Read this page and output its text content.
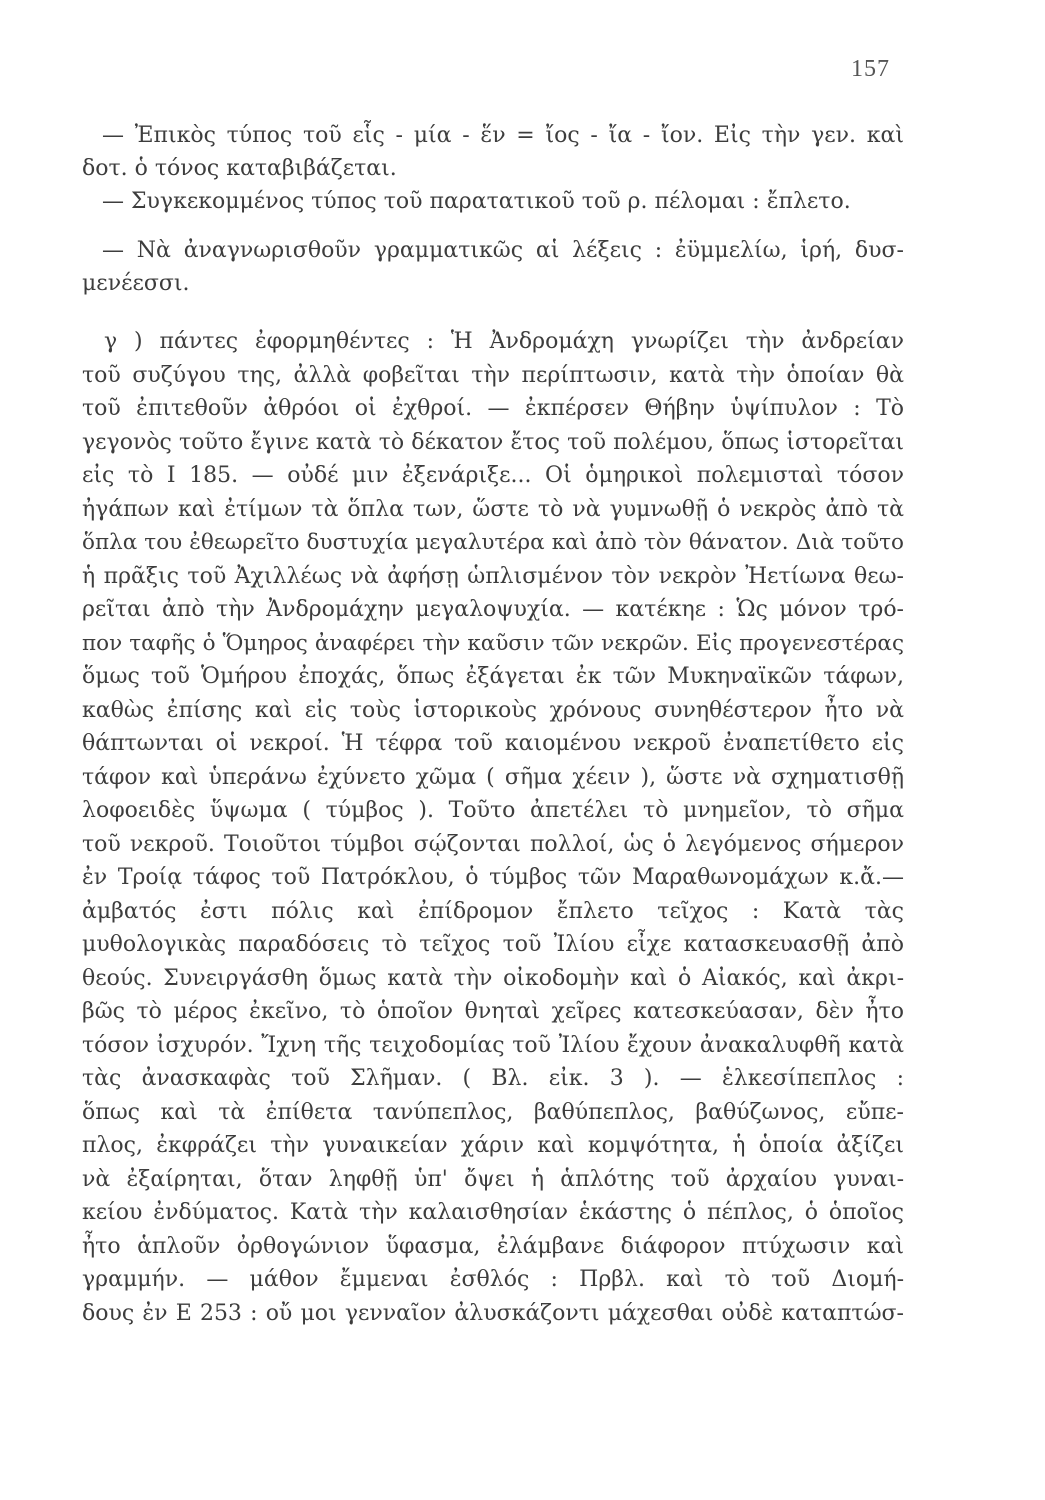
157
— Ἐπικὸς τύπος τοῦ εἷς - μία - ἕν = ἴος - ἴα - ἴον. Εἰς τὴν γεν. καὶ
δοτ. ὁ τόνος καταβιβάζεται.
— Συγκεκομμένος τύπος τοῦ παρατατικοῦ τοῦ ρ. πέλομαι : ἔπλετο.
— Νὰ ἀναγνωρισθοῦν γραμματικῶς αἱ λέξεις : ἐϋμμελίω, ἱρή, δυσ-
μενέεσσι.
γ ) πάντες ἐφορμηθέντες : Ἡ Ἀνδρομάχη γνωρίζει τὴν ἀνδρείαν
τοῦ συζύγου της, ἀλλὰ φοβεῖται τὴν περίπτωσιν, κατὰ τὴν ὁποίαν θὰ
τοῦ ἐπιτεθοῦν ἀθρόοι οἱ ἐχθροί. — ἐκπέρσεν Θήβην ὑψίπυλον : Τὸ
γεγονὸς τοῦτο ἔγινε κατὰ τὸ δέκατον ἔτος τοῦ πολέμου, ὅπως ἱστορεῖται
εἰς τὸ Ι 185. — οὐδέ μιν ἐξενάριξε... Οἱ ὁμηρικοὶ πολεμισταὶ τόσον
ἠγάπων καὶ ἐτίμων τὰ ὅπλα των, ὥστε τὸ νὰ γυμνωθῇ ὁ νεκρὸς ἀπὸ τὰ
ὅπλα του ἐθεωρεῖτο δυστυχία μεγαλυτέρα καὶ ἀπὸ τὸν θάνατον. Διὰ τοῦτο
ἡ πρᾶξις τοῦ Ἀχιλλέως νὰ ἀφήσῃ ὡπλισμένον τὸν νεκρὸν Ἠετίωνα θεω-
ρεῖται ἀπὸ τὴν Ἀνδρομάχην μεγαλοψυχία. — κατέκηε : Ὡς μόνον τρό-
πον ταφῆς ὁ Ὅμηρος ἀναφέρει τὴν καῦσιν τῶν νεκρῶν. Εἰς προγενεστέρας
ὅμως τοῦ Ὁμήρου ἐποχάς, ὅπως ἐξάγεται ἐκ τῶν Μυκηναϊκῶν τάφων,
καθὼς ἐπίσης καὶ εἰς τοὺς ἱστορικοὺς χρόνους συνηθέστερον ἦτο νὰ
θάπτωνται οἱ νεκροί. Ἡ τέφρα τοῦ καιομένου νεκροῦ ἐναπετίθετο εἰς
τάφον καὶ ὑπεράνω ἐχύνετο χῶμα ( σῆμα χέειν ), ὥστε νὰ σχηματισθῇ
λοφοειδὲς ὕψωμα ( τύμβος ). Τοῦτο ἀπετέλει τὸ μνημεῖον, τὸ σῆμα
τοῦ νεκροῦ. Τοιοῦτοι τύμβοι σῴζονται πολλοί, ὡς ὁ λεγόμενος σήμερον
ἐν Τροίᾳ τάφος τοῦ Πατρόκλου, ὁ τύμβος τῶν Μαραθωνομάχων κ.ἄ.—
ἀμβατός ἐστι πόλις καὶ ἐπίδρομον ἔπλετο τεῖχος : Κατὰ τὰς
μυθολογικὰς παραδόσεις τὸ τεῖχος τοῦ Ἰλίου εἶχε κατασκευασθῇ ἀπὸ
θεούς. Συνειργάσθη ὅμως κατὰ τὴν οἰκοδομὴν καὶ ὁ Αἰακός, καὶ ἀκρι-
βῶς τὸ μέρος ἐκεῖνο, τὸ ὁποῖον θνηταὶ χεῖρες κατεσκεύασαν, δὲν ἦτο
τόσον ἰσχυρόν. Ἴχνη τῆς τειχοδομίας τοῦ Ἰλίου ἔχουν ἀνακαλυφθῆ κατὰ
τὰς ἀνασκαφὰς τοῦ Σλῆμαν. ( Βλ. εἰκ. 3 ). — ἑλκεσίπεπλος :
ὅπως καὶ τὰ ἐπίθετα τανύπεπλος, βαθύπεπλος, βαθύζωνος, εὔπε-
πλος, ἐκφράζει τὴν γυναικείαν χάριν καὶ κομψότητα, ἡ ὁποία ἀξίζει
νὰ ἐξαίρηται, ὅταν ληφθῇ ὑπ' ὄψει ἡ ἁπλότης τοῦ ἀρχαίου γυναι-
κείου ἐνδύματος. Κατὰ τὴν καλαισθησίαν ἑκάστης ὁ πέπλος, ὁ ὁποῖος
ἦτο ἁπλοῦν ὀρθογώνιον ὕφασμα, ἐλάμβανε διάφορον πτύχωσιν καὶ
γραμμήν. — μάθον ἔμμεναι ἐσθλός : Πρβλ. καὶ τὸ τοῦ Διομή-
δους ἐν Ε 253 : οὔ μοι γενναῖον ἀλυσκάζοντι μάχεσθαι οὐδὲ καταπτώσ-
